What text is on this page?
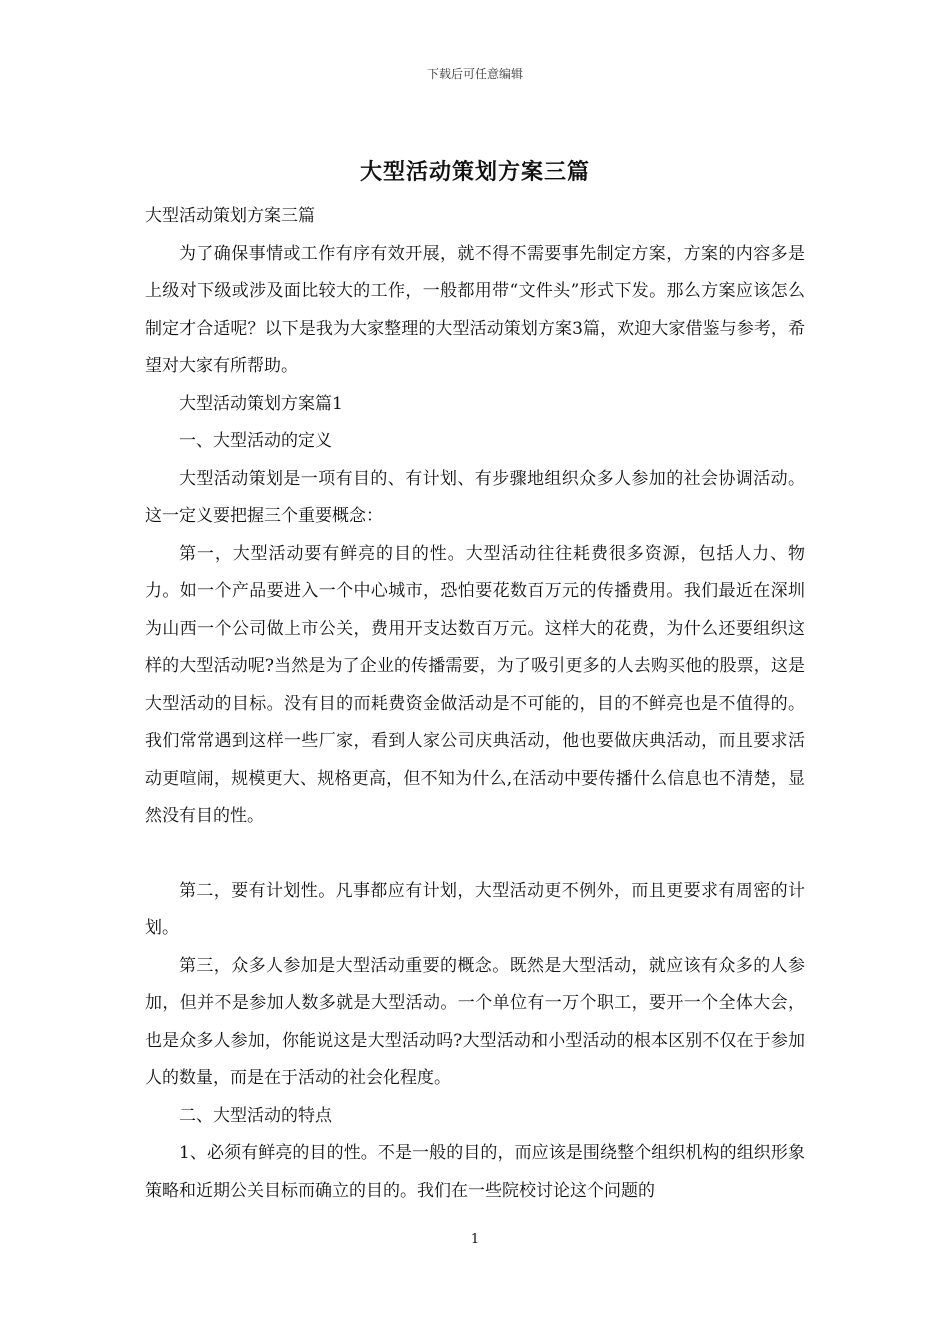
下载后可任意编辑
大型活动策划方案三篇

大型活动策划方案三篇

为了确保事情或工作有序有效开展，就不得不需要事先制定方案，方案的内容多是上级对下级或涉及面比较大的工作，一般都用带“文件头”形式下发。那么方案应该怎么制定才合适呢？以下是我为大家整理的大型活动策划方案3篇，欢迎大家借鉴与参考，希望对大家有所帮助。

大型活动策划方案篇1

一、大型活动的定义

大型活动策划是一项有目的、有计划、有步骤地组织众多人参加的社会协调活动。这一定义要把握三个重要概念：

第一，大型活动要有鲜亮的目的性。大型活动往往耗费很多资源，包括人力、物力。如一个产品要进入一个中心城市，恐怕要花数百万元的传播费用。我们最近在深圳为山西一个公司做上市公关，费用开支达数百万元。这样大的花费，为什么还要组织这样的大型活动呢?当然是为了企业的传播需要，为了吸引更多的人去购买他的股票，这是大型活动的目标。没有目的而耗费资金做活动是不可能的，目的不鲜亮也是不值得的。我们常常遇到这样一些厂家，看到人家公司庆典活动，他也要做庆典活动，而且要求活动更喧闹，规模更大、规格更高，但不知为什么,在活动中要传播什么信息也不清楚，显然没有目的性。

第二，要有计划性。凡事都应有计划，大型活动更不例外，而且更要求有周密的计划。

第三，众多人参加是大型活动重要的概念。既然是大型活动，就应该有众多的人参加，但并不是参加人数多就是大型活动。一个单位有一万个职工，要开一个全体大会，也是众多人参加，你能说这是大型活动吗?大型活动和小型活动的根本区别不仅在于参加人的数量，而是在于活动的社会化程度。

二、大型活动的特点

1、必须有鲜亮的目的性。不是一般的目的，而应该是围绕整个组织机构的组织形象策略和近期公关目标而确立的目的。我们在一些院校讨论这个问题的

1
